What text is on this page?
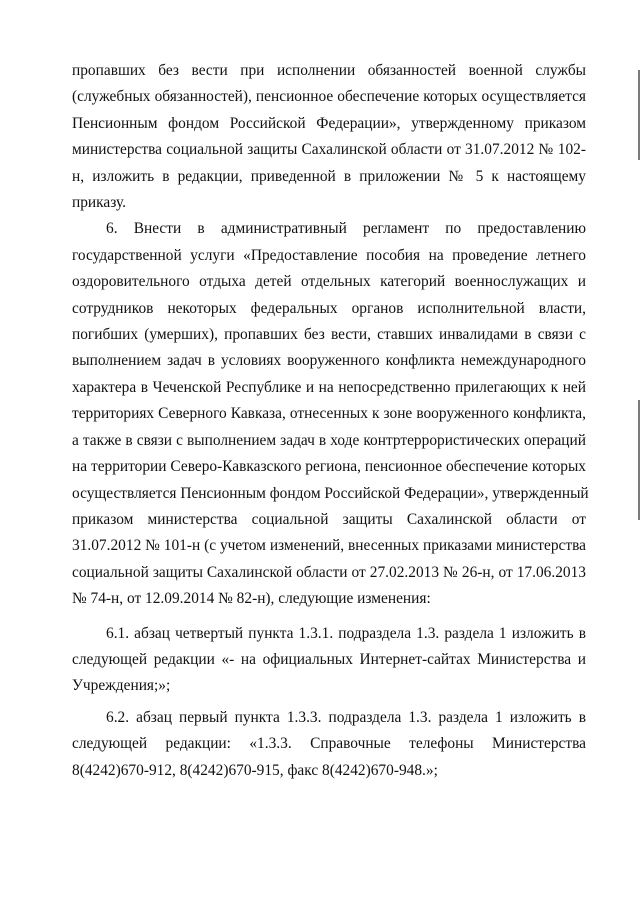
пропавших без вести при исполнении обязанностей военной службы
(служебных обязанностей), пенсионное обеспечение которых осуществляется
Пенсионным фондом Российской Федерации», утвержденному приказом
министерства социальной защиты Сахалинской области от 31.07.2012 № 102-
н, изложить в редакции, приведенной в приложении № 5 к настоящему
приказу.

6. Внести в административный регламент по предоставлению
государственной услуги «Предоставление пособия на проведение летнего
оздоровительного отдыха детей отдельных категорий военнослужащих и
сотрудников некоторых федеральных органов исполнительной власти,
погибших (умерших), пропавших без вести, ставших инвалидами в связи с
выполнением задач в условиях вооруженного конфликта немеждународного
характера в Чеченской Республике и на непосредственно прилегающих к ней
территориях Северного Кавказа, отнесенных к зоне вооруженного конфликта,
а также в связи с выполнением задач в ходе контртеррористических операций
на территории Северо-Кавказского региона, пенсионное обеспечение которых
осуществляется Пенсионным фондом Российской Федерации», утвержденный
приказом министерства социальной защиты Сахалинской области от
31.07.2012 № 101-н (с учетом изменений, внесенных приказами министерства
социальной защиты Сахалинской области от 27.02.2013 № 26-н, от 17.06.2013
№ 74-н, от 12.09.2014 № 82-н), следующие изменения:

6.1. абзац четвертый пункта 1.3.1. подраздела 1.3. раздела 1 изложить в
следующей редакции «- на официальных Интернет-сайтах Министерства и
Учреждения;»;

6.2. абзац первый пункта 1.3.3. подраздела 1.3. раздела 1 изложить в
следующей редакции: «1.3.3. Справочные телефоны Министерства
8(4242)670-912, 8(4242)670-915, факс 8(4242)670-948.»;
